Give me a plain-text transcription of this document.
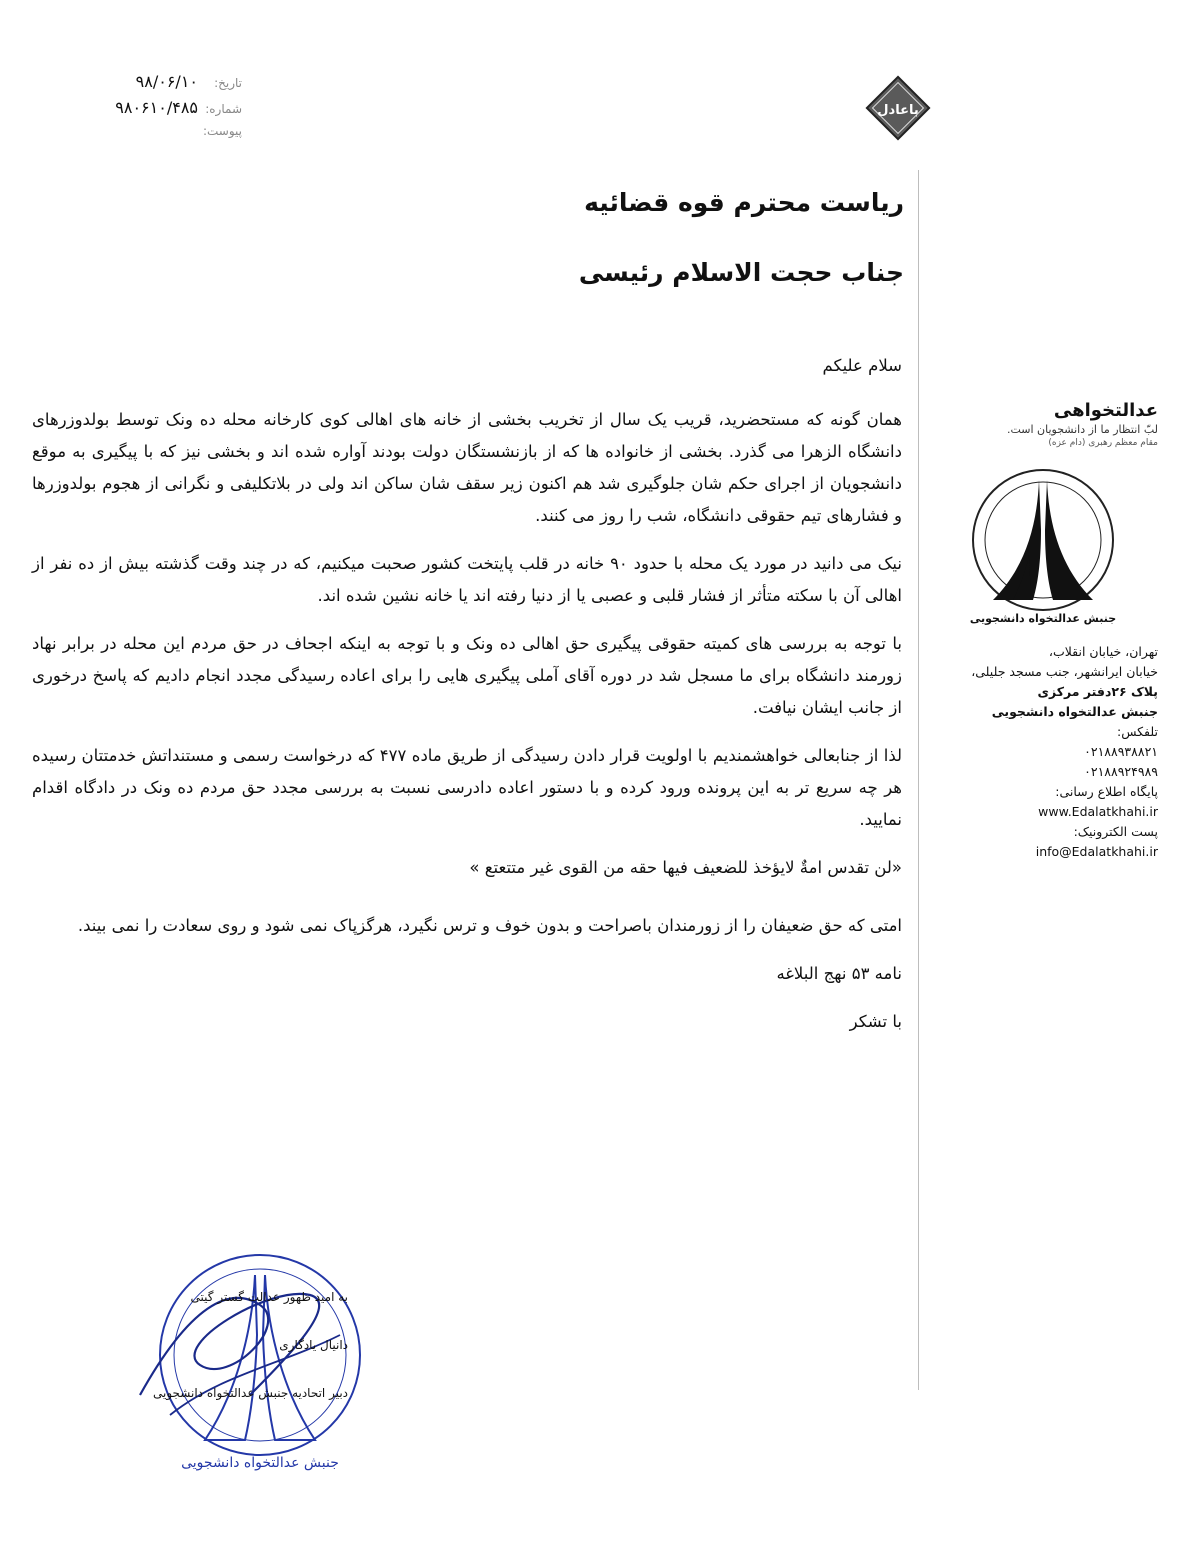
تاریخ:
۹۸/۰۶/۱۰
شماره:
۹۸۰۶۱۰/۴۸۵
پیوست:
باعادل
ریاست محترم قوه قضائیه
جناب حجت الاسلام رئیسی

سلام علیکم

همان گونه که مستحضرید، قریب یک سال از تخریب بخشی از خانه های اهالی کوی کارخانه محله ده ونک توسط بولدوزرهای دانشگاه الزهرا می گذرد. بخشی از خانواده ها که از بازنشستگان دولت بودند آواره شده اند و بخشی نیز که با پیگیری به موقع دانشجویان از اجرای حکم شان جلوگیری شد هم اکنون زیر سقف شان ساکن اند ولی در بلاتکلیفی و نگرانی از هجوم بولدوزرها و فشارهای تیم حقوقی دانشگاه، شب را روز می کنند.

نیک می دانید در مورد یک محله با حدود ۹۰ خانه در قلب پایتخت کشور صحبت میکنیم، که در چند وقت گذشته بیش از ده نفر از اهالی آن با سکته متأثر از فشار قلبی و عصبی یا از دنیا رفته اند یا خانه نشین شده اند.

با توجه به بررسی های کمیته حقوقی پیگیری حق اهالی ده ونک و با توجه به اینکه اجحاف در حق مردم این محله در برابر نهاد زورمند دانشگاه برای ما مسجل شد در دوره آقای آملی پیگیری هایی را برای اعاده رسیدگی مجدد انجام دادیم که پاسخ درخوری از جانب ایشان نیافت.

لذا از جنابعالی خواهشمندیم با اولویت قرار دادن رسیدگی از طریق ماده ۴۷۷ که درخواست رسمی و مستنداتش خدمتتان رسیده هر چه سریع تر به این پرونده ورود کرده و با دستور اعاده دادرسی نسبت به بررسی مجدد حق مردم ده ونک در دادگاه اقدام نمایید.

«لن تقدس امةٌ لایؤخذ للضعیف فیها حقه من القوی غیر متتعتع »

امتی که حق ضعیفان را از زورمندان باصراحت و بدون خوف و ترس نگیرد، هرگزپاک نمی شود و روی سعادت را نمی بیند.

نامه ۵۳ نهج البلاغه

با تشکر

عدالتخواهی
لبّ انتظار ما از دانشجویان است.
مقام معظم رهبری (دام عزه)
جنبش عدالتخواه دانشجویی
تهران، خیابان انقلاب،
خیابان ایرانشهر، جنب مسجد جلیلی،
پلاک ۲۶دفتر مرکزی
جنبش عدالتخواه دانشجویی
تلفکس:
۰۲۱۸۸۹۳۸۸۲۱
۰۲۱۸۸۹۲۴۹۸۹
پایگاه اطلاع رسانی:
www.Edalatkhahi.ir
پست الکترونیک:
info@Edalatkhahi.ir
جنبش عدالتخواه دانشجویی
به امید ظهور عدالت گستر گیتی
دانیال یادگاری
دبیر اتحادیه جنبش عدالتخواه دانشجویی
